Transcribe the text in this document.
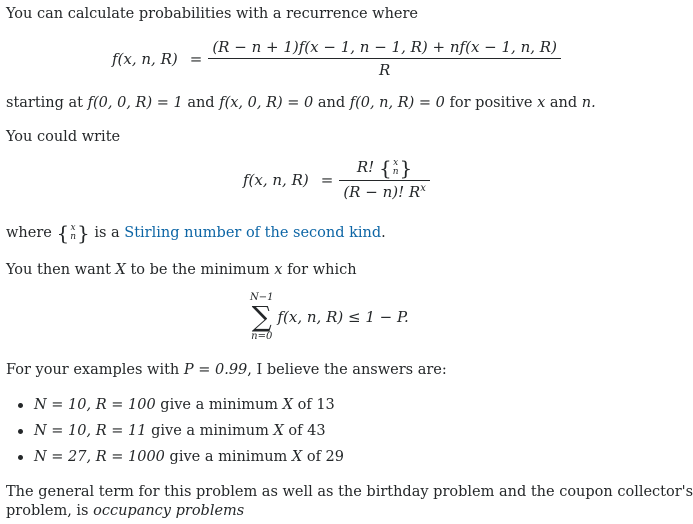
You can calculate probabilities with a recurrence where
f(x, n, $R) = \frac{(R - n + 1)f(x - 1, n - 1, R) + nf(x - 1, n, R)}{R}$
starting at f(0, 0, R) = 1 and f(x, 0, R) = 0 and f(0, n, R) = 0 for positive x and n.
You could write
f(x, n, R) = R! { x
n }
(R − n)! $R^x$
where { x
n } is a Stirling number of the second kind.
You then want X to be the minimum x for which
N−1
∑
n=0
f(x, n, R) ≤ 1 − P.
For your examples with P = 0.99, I believe the answers are:
N = 10, R = 100 give a minimum X of 13
N = 10, R = 11 give a minimum X of 43
N = 27, R = 1000 give a minimum X of 29
The general term for this problem as well as the birthday problem and the coupon collector's
problem, is occupancy problems
